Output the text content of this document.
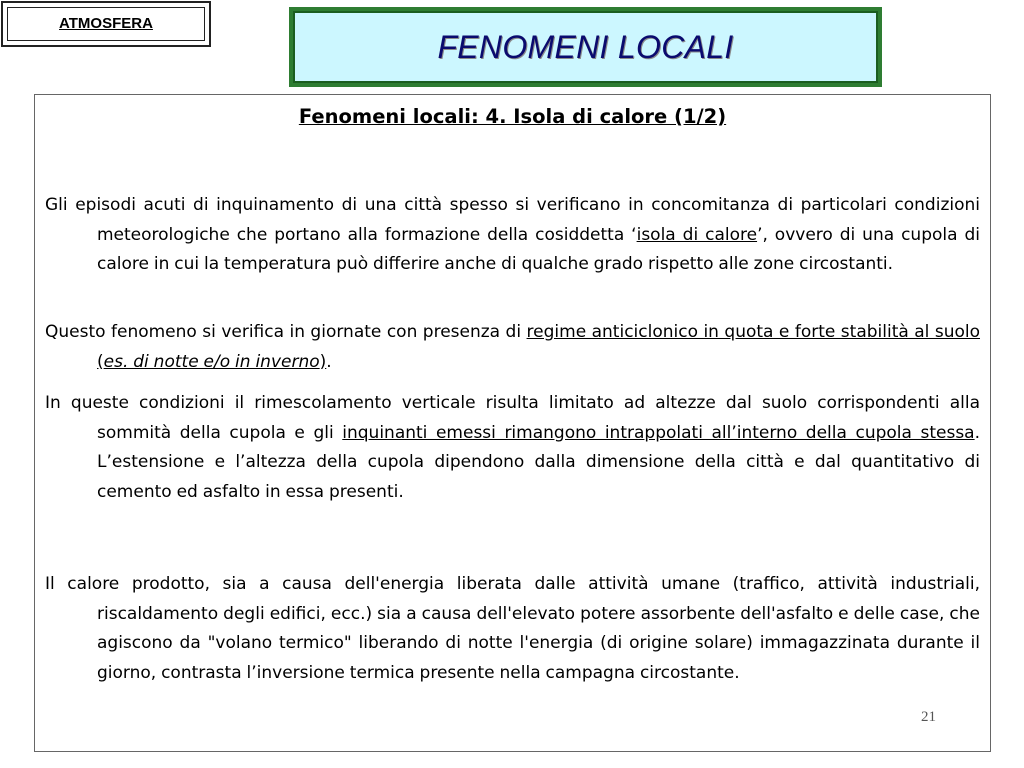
ATMOSFERA
FENOMENI LOCALI
Fenomeni locali: 4. Isola di calore (1/2)
Gli episodi acuti di inquinamento di una città spesso si verificano in concomitanza di particolari condizioni meteorologiche che portano alla formazione della cosiddetta ‘isola di calore’, ovvero di una cupola di calore in cui la temperatura può differire anche di qualche grado rispetto alle zone circostanti.
Questo fenomeno si verifica in giornate con presenza di regime anticiclonico in quota e forte stabilità al suolo (es. di notte e/o in inverno).
In queste condizioni il rimescolamento verticale risulta limitato ad altezze dal suolo corrispondenti alla sommità della cupola e gli inquinanti emessi rimangono intrappolati all’interno della cupola stessa. L’estensione e l’altezza della cupola dipendono dalla dimensione della città e dal quantitativo di cemento ed asfalto in essa presenti.
Il calore prodotto, sia a causa dell'energia liberata dalle attività umane (traffico, attività industriali, riscaldamento degli edifici, ecc.) sia a causa dell'elevato potere assorbente dell'asfalto e delle case, che agiscono da "volano termico" liberando di notte l'energia (di origine solare) immagazzinata durante il giorno, contrasta l’inversione termica presente nella campagna circostante.
21
